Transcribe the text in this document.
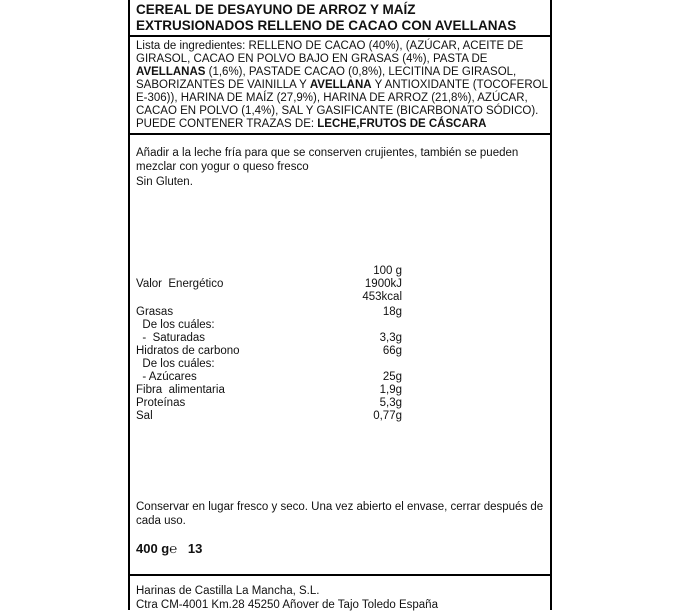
CEREAL DE DESAYUNO DE ARROZ Y MAÍZ
EXTRUSIONADOS RELLENO DE CACAO CON AVELLANAS
Lista de ingredientes: RELLENO DE CACAO (40%), (AZÚCAR, ACEITE DE
GIRASOL, CACAO EN POLVO BAJO EN GRASAS (4%), PASTA DE
AVELLANAS (1,6%), PASTADE CACAO (0,8%), LECITINA DE GIRASOL,
SABORIZANTES DE VAINILLA Y AVELLANA Y ANTIOXIDANTE (TOCOFEROL
E-306)), HARINA DE MAÍZ (27,9%), HARINA DE ARROZ (21,8%), AZÚCAR,
CACAO EN POLVO (1,4%), SAL Y GASIFICANTE (BICARBONATO SÓDICO).
PUEDE CONTENER TRAZAS DE: LECHE,FRUTOS DE CÁSCARA
Añadir a la leche fría para que se conserven crujientes, también se pueden
mezclar con yogur o queso fresco
Sin Gluten.
100 g
Valor  Energético	1900kJ
453kcal
Grasas	18g
De los cuáles:
-  Saturadas	3,3g
Hidratos de carbono	66g
De los cuáles:
- Azúcares	25g
Fibra  alimentaria	1,9g
Proteínas	5,3g
Sal	0,77g
Conservar en lugar fresco y seco. Una vez abierto el envase, cerrar después de
cada uso.
400 g℮ 13
Harinas de Castilla La Mancha, S.L.
Ctra CM-4001 Km.28 45250 Añover de Tajo Toledo España
